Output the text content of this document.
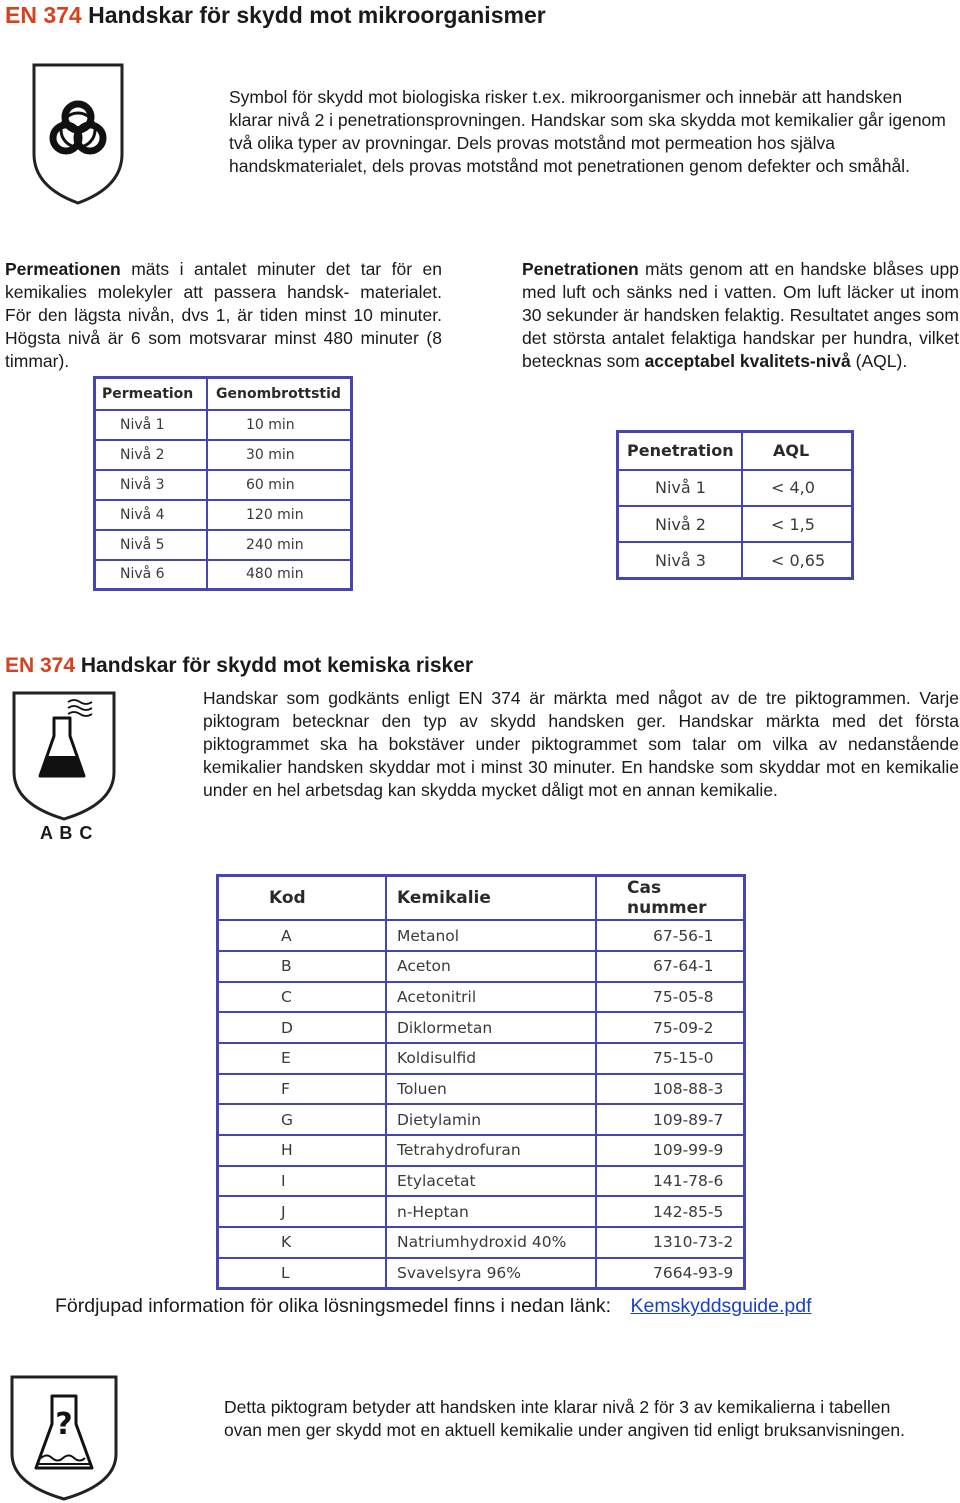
EN 374 Handskar för skydd mot mikroorganismer

Symbol för skydd mot biologiska risker t.ex. mikroorganismer och innebär att handsken klarar nivå 2 i penetrationsprovningen. Handskar som ska skydda mot kemikalier går igenom två olika typer av provningar. Dels provas motstånd mot permeation hos själva handskmaterialet, dels provas motstånd mot penetrationen genom defekter och småhål.

Permeationen mäts i antalet minuter det tar för en kemikalies molekyler att passera handsk- materialet. För den lägsta nivån, dvs 1, är tiden minst 10 minuter. Högsta nivå är 6 som motsvarar minst 480 minuter (8 timmar).

Penetrationen mäts genom att en handske blåses upp med luft och sänks ned i vatten. Om luft läcker ut inom 30 sekunder är handsken felaktig. Resultatet anges som det största antalet felaktiga handskar per hundra, vilket betecknas som acceptabel kvalitets-nivå (AQL).

Permeation	Genombrottstid
Nivå 1	10 min
Nivå 2	30 min
Nivå 3	60 min
Nivå 4	120 min
Nivå 5	240 min
Nivå 6	480 min
Penetration	AQL
Nivå 1	< 4,0
Nivå 2	< 1,5
Nivå 3	< 0,65
EN 374 Handskar för skydd mot kemiska risker
A B C

Handskar som godkänts enligt EN 374 är märkta med något av de tre piktogrammen. Varje piktogram betecknar den typ av skydd handsken ger. Handskar märkta med det första piktogrammet ska ha bokstäver under piktogrammet som talar om vilka av nedanstående kemikalier handsken skyddar mot i minst 30 minuter. En handske som skyddar mot en kemikalie under en hel arbetsdag kan skydda mycket dåligt mot en annan kemikalie.

Kod	Kemikalie	Cas nummer
A	Metanol	67-56-1
B	Aceton	67-64-1
C	Acetonitril	75-05-8
D	Diklormetan	75-09-2
E	Koldisulfid	75-15-0
F	Toluen	108-88-3
G	Dietylamin	109-89-7
H	Tetrahydrofuran	109-99-9
I	Etylacetat	141-78-6
J	n-Heptan	142-85-5
K	Natriumhydroxid 40%	1310-73-2
L	Svavelsyra 96%	7664-93-9
Fördjupad information för olika lösningsmedel finns i nedan länk: Kemskyddsguide.pdf
?	Detta piktogram betyder att handsken inte klarar nivå 2 för 3 av kemikalierna i tabellen ovan men ger skydd mot en aktuell kemikalie under angiven tid enligt bruksanvisningen.
